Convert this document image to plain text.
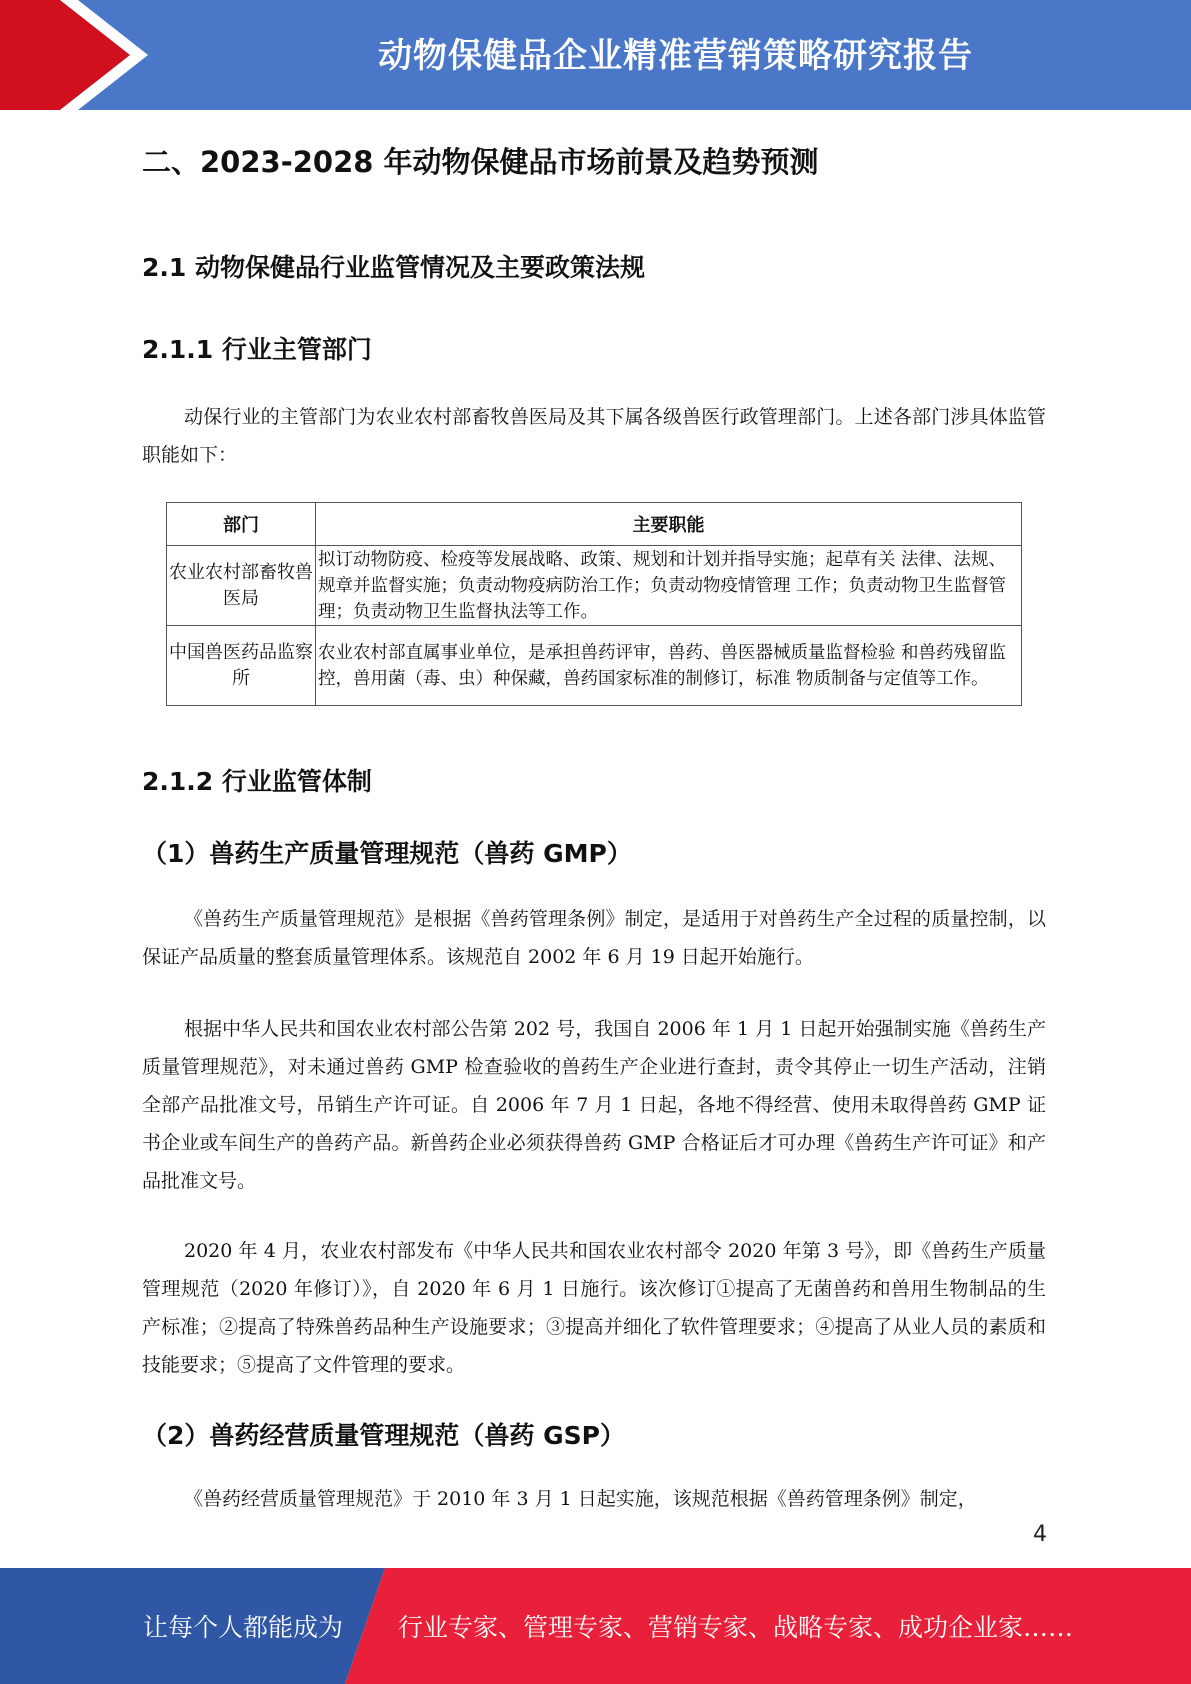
动物保健品企业精准营销策略研究报告
二、2023-2028 年动物保健品市场前景及趋势预测
2.1 动物保健品行业监管情况及主要政策法规
2.1.1 行业主管部门

动保行业的主管部门为农业农村部畜牧兽医局及其下属各级兽医行政管理部门。上述各部门涉具体监管职能如下：

部门	主要职能
农业农村部畜牧兽医局	拟订动物防疫、检疫等发展战略、政策、规划和计划并指导实施；起草有关 法律、法规、规章并监督实施；负责动物疫病防治工作；负责动物疫情管理 工作；负责动物卫生监督管理；负责动物卫生监督执法等工作。
中国兽医药品监察所	农业农村部直属事业单位，是承担兽药评审，兽药、兽医器械质量监督检验 和兽药残留监控，兽用菌（毒、虫）种保藏，兽药国家标准的制修订，标准 物质制备与定值等工作。
2.1.2 行业监管体制
（1）兽药生产质量管理规范（兽药 GMP）

《兽药生产质量管理规范》是根据《兽药管理条例》制定，是适用于对兽药生产全过程的质量控制，以保证产品质量的整套质量管理体系。该规范自 2002 年 6 月 19 日起开始施行。

根据中华人民共和国农业农村部公告第 202 号，我国自 2006 年 1 月 1 日起开始强制实施《兽药生产质量管理规范》，对未通过兽药 GMP 检查验收的兽药生产企业进行查封，责令其停止一切生产活动，注销全部产品批准文号，吊销生产许可证。自 2006 年 7 月 1 日起，各地不得经营、使用未取得兽药 GMP 证书企业或车间生产的兽药产品。新兽药企业必须获得兽药 GMP 合格证后才可办理《兽药生产许可证》和产品批准文号。

2020 年 4 月，农业农村部发布《中华人民共和国农业农村部令 2020 年第 3 号》，即《兽药生产质量管理规范（2020 年修订）》，自 2020 年 6 月 1 日施行。该次修订①提高了无菌兽药和兽用生物制品的生产标准；②提高了特殊兽药品种生产设施要求；③提高并细化了软件管理要求；④提高了从业人员的素质和技能要求；⑤提高了文件管理的要求。

（2）兽药经营质量管理规范（兽药 GSP）

《兽药经营质量管理规范》于 2010 年 3 月 1 日起实施，该规范根据《兽药管理条例》制定，

4
让每个人都能成为 行业专家、管理专家、营销专家、战略专家、成功企业家……
